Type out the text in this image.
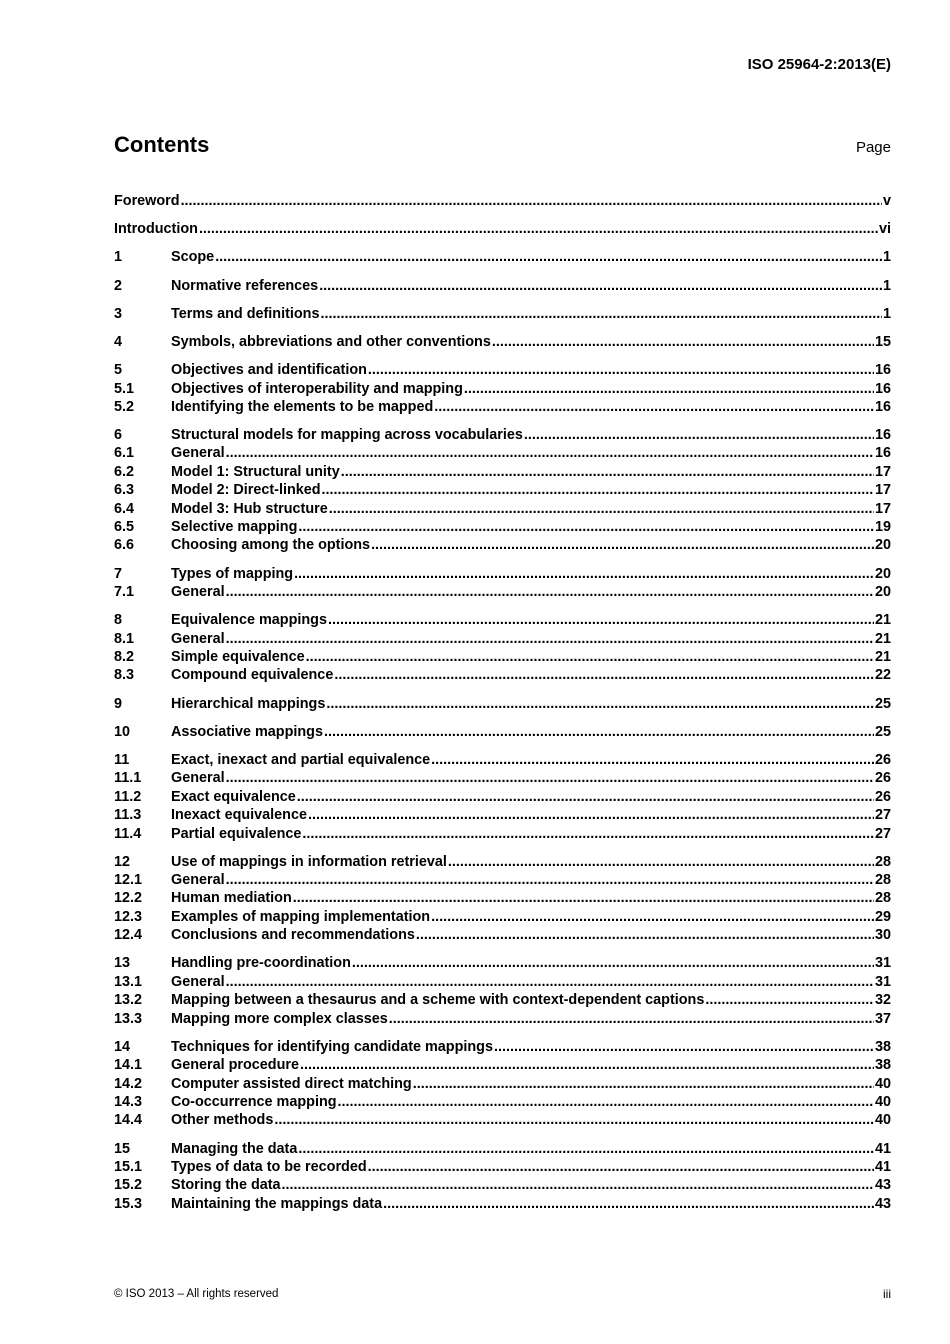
ISO 25964-2:2013(E)
Contents	Page
Foreword .....	v
Introduction .....	vi
1	Scope .....	1
2	Normative references .....	1
3	Terms and definitions .....	1
4	Symbols, abbreviations and other conventions .....	15
5	Objectives and identification .....	16
5.1	Objectives of interoperability and mapping .....	16
5.2	Identifying the elements to be mapped .....	16
6	Structural models for mapping across vocabularies .....	16
6.1	General .....	16
6.2	Model 1: Structural unity .....	17
6.3	Model 2: Direct-linked .....	17
6.4	Model 3: Hub structure .....	17
6.5	Selective mapping .....	19
6.6	Choosing among the options .....	20
7	Types of mapping .....	20
7.1	General .....	20
8	Equivalence mappings .....	21
8.1	General .....	21
8.2	Simple equivalence .....	21
8.3	Compound equivalence .....	22
9	Hierarchical mappings .....	25
10	Associative mappings .....	25
11	Exact, inexact and partial equivalence .....	26
11.1	General .....	26
11.2	Exact equivalence .....	26
11.3	Inexact equivalence .....	27
11.4	Partial equivalence .....	27
12	Use of mappings in information retrieval .....	28
12.1	General .....	28
12.2	Human mediation .....	28
12.3	Examples of mapping implementation .....	29
12.4	Conclusions and recommendations .....	30
13	Handling pre-coordination .....	31
13.1	General .....	31
13.2	Mapping between a thesaurus and a scheme with context-dependent captions .....	32
13.3	Mapping more complex classes .....	37
14	Techniques for identifying candidate mappings .....	38
14.1	General procedure .....	38
14.2	Computer assisted direct matching .....	40
14.3	Co-occurrence mapping .....	40
14.4	Other methods .....	40
15	Managing the data .....	41
15.1	Types of data to be recorded .....	41
15.2	Storing the data .....	43
15.3	Maintaining the mappings data .....	43
© ISO 2013 – All rights reserved	iii
